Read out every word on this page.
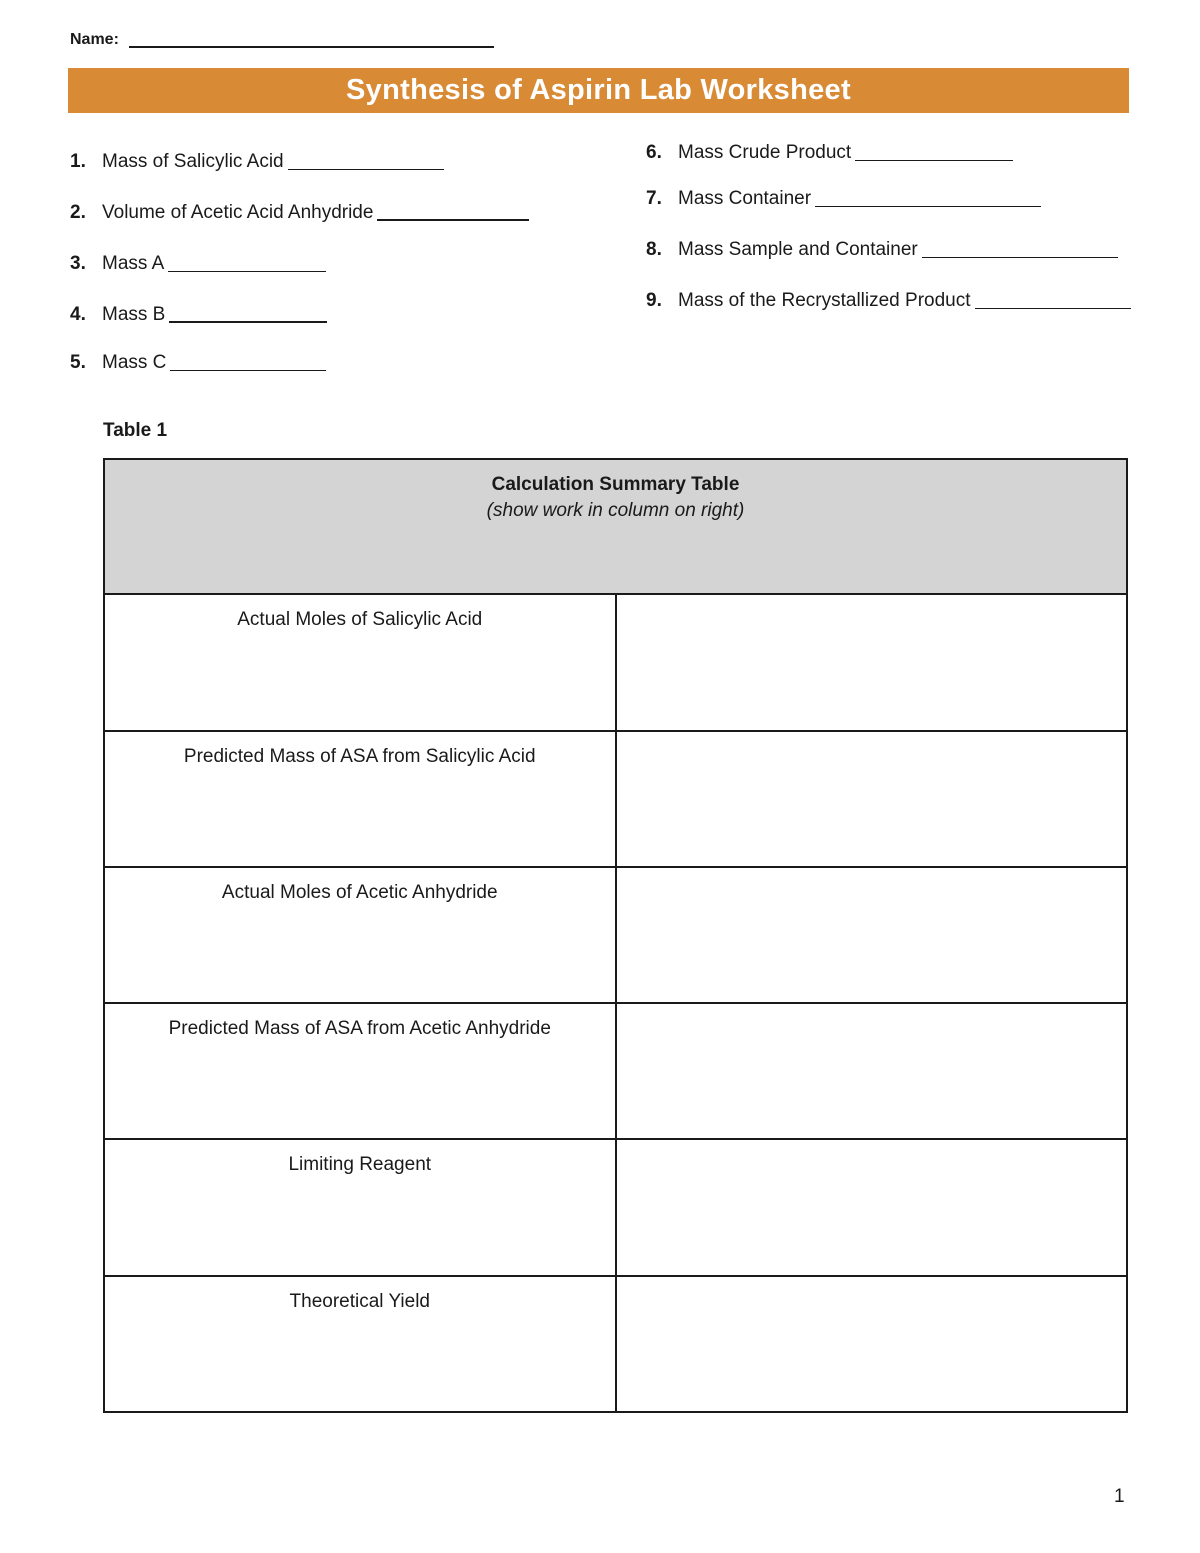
Name:
Synthesis of Aspirin Lab Worksheet
1. Mass of Salicylic Acid
2. Volume of Acetic Acid Anhydride
3. Mass A
4. Mass B
5. Mass C
6. Mass Crude Product
7. Mass Container
8. Mass Sample and Container
9. Mass of the Recrystallized Product
Table 1
Calculation Summary Table
(show work in column on right)	

Actual Moles of Salicylic Acid	
Predicted Mass of ASA from Salicylic Acid	
Actual Moles of Acetic Anhydride	
Predicted Mass of ASA from Acetic Anhydride	
Limiting Reagent	
Theoretical Yield	
1
